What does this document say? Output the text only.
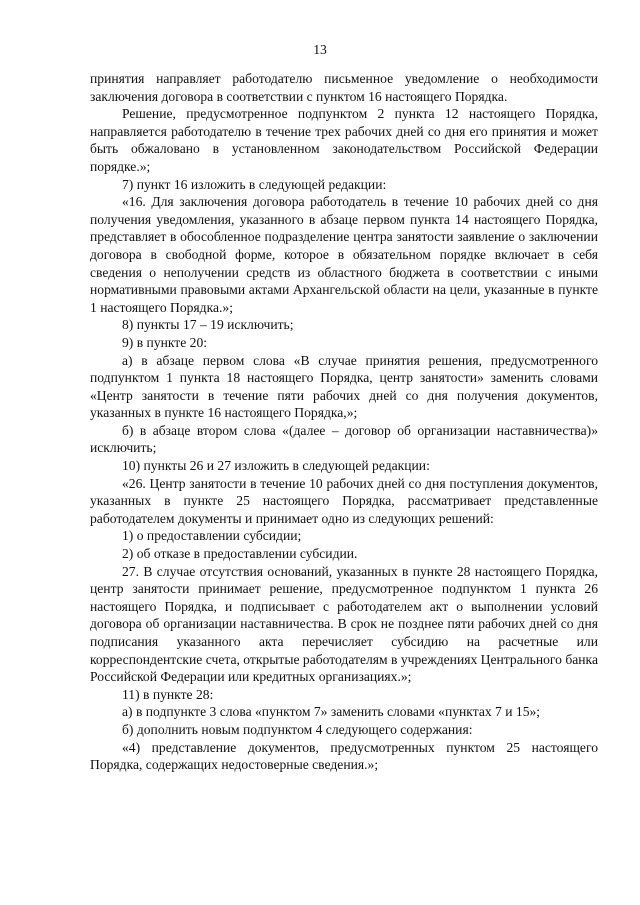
13

принятия направляет работодателю письменное уведомление о необходимости заключения договора в соответствии с пунктом 16 настоящего Порядка.

Решение, предусмотренное подпунктом 2 пункта 12 настоящего Порядка, направляется работодателю в течение трех рабочих дней со дня его принятия и может быть обжаловано в установленном законодательством Российской Федерации порядке.»;

7) пункт 16 изложить в следующей редакции:

«16. Для заключения договора работодатель в течение 10 рабочих дней со дня получения уведомления, указанного в абзаце первом пункта 14 настоящего Порядка, представляет в обособленное подразделение центра занятости заявление о заключении договора в свободной форме, которое в обязательном порядке включает в себя сведения о неполучении средств из областного бюджета в соответствии с иными нормативными правовыми актами Архангельской области на цели, указанные в пункте 1 настоящего Порядка.»;

8) пункты 17 – 19 исключить;

9) в пункте 20:

а) в абзаце первом слова «В случае принятия решения, предусмотренного подпунктом 1 пункта 18 настоящего Порядка, центр занятости» заменить словами «Центр занятости в течение пяти рабочих дней со дня получения документов, указанных в пункте 16 настоящего Порядка,»;

б) в абзаце втором слова «(далее – договор об организации наставничества)» исключить;

10) пункты 26 и 27 изложить в следующей редакции:

«26. Центр занятости в течение 10 рабочих дней со дня поступления документов, указанных в пункте 25 настоящего Порядка, рассматривает представленные работодателем документы и принимает одно из следующих решений:

1) о предоставлении субсидии;

2) об отказе в предоставлении субсидии.

27. В случае отсутствия оснований, указанных в пункте 28 настоящего Порядка, центр занятости принимает решение, предусмотренное подпунктом 1 пункта 26 настоящего Порядка, и подписывает с работодателем акт о выполнении условий договора об организации наставничества. В срок не позднее пяти рабочих дней со дня подписания указанного акта перечисляет субсидию на расчетные или корреспондентские счета, открытые работодателям в учреждениях Центрального банка Российской Федерации или кредитных организациях.»;

11) в пункте 28:

а) в подпункте 3 слова «пунктом 7» заменить словами «пунктах 7 и 15»;

б) дополнить новым подпунктом 4 следующего содержания:

«4) представление документов, предусмотренных пунктом 25 настоящего Порядка, содержащих недостоверные сведения.»;
